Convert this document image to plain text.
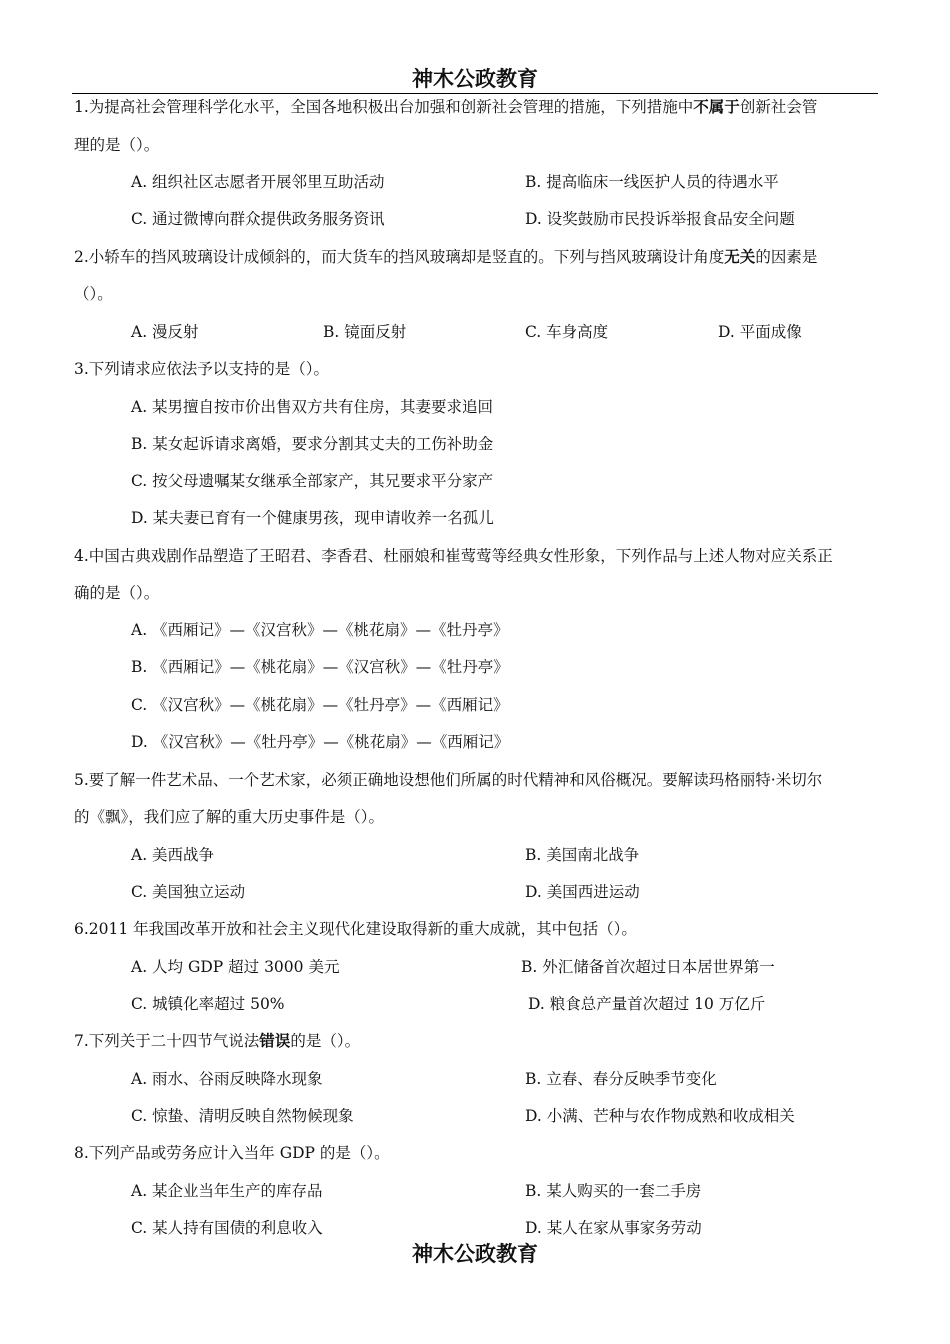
神木公政教育
1.为提高社会管理科学化水平，全国各地积极出台加强和创新社会管理的措施，下列措施中不属于创新社会管
理的是（）。
A. 组织社区志愿者开展邻里互助活动	B. 提高临床一线医护人员的待遇水平
C. 通过微博向群众提供政务服务资讯	D. 设奖鼓励市民投诉举报食品安全问题
2.小轿车的挡风玻璃设计成倾斜的，而大货车的挡风玻璃却是竖直的。下列与挡风玻璃设计角度无关的因素是
（）。
A. 漫反射	B. 镜面反射	C. 车身高度	D. 平面成像
3.下列请求应依法予以支持的是（）。
A. 某男擅自按市价出售双方共有住房，其妻要求追回
B. 某女起诉请求离婚，要求分割其丈夫的工伤补助金
C. 按父母遗嘱某女继承全部家产，其兄要求平分家产
D. 某夫妻已育有一个健康男孩，现申请收养一名孤儿
4.中国古典戏剧作品塑造了王昭君、李香君、杜丽娘和崔莺莺等经典女性形象，下列作品与上述人物对应关系正
确的是（）。
A. 《西厢记》—《汉宫秋》—《桃花扇》—《牡丹亭》
B. 《西厢记》—《桃花扇》—《汉宫秋》—《牡丹亭》
C. 《汉宫秋》—《桃花扇》—《牡丹亭》—《西厢记》
D. 《汉宫秋》—《牡丹亭》—《桃花扇》—《西厢记》
5.要了解一件艺术品、一个艺术家，必须正确地设想他们所属的时代精神和风俗概况。要解读玛格丽特·米切尔
的《飘》，我们应了解的重大历史事件是（）。
A. 美西战争	B. 美国南北战争
C. 美国独立运动	D. 美国西进运动
6.2011 年我国改革开放和社会主义现代化建设取得新的重大成就，其中包括（）。
A. 人均 GDP 超过 3000 美元	B. 外汇储备首次超过日本居世界第一
C. 城镇化率超过 50%	D. 粮食总产量首次超过 10 万亿斤
7.下列关于二十四节气说法错误的是（）。
A. 雨水、谷雨反映降水现象	B. 立春、春分反映季节变化
C. 惊蛰、清明反映自然物候现象	D. 小满、芒种与农作物成熟和收成相关
8.下列产品或劳务应计入当年 GDP 的是（）。
A. 某企业当年生产的库存品	B. 某人购买的一套二手房
C. 某人持有国债的利息收入	D. 某人在家从事家务劳动
神木公政教育
